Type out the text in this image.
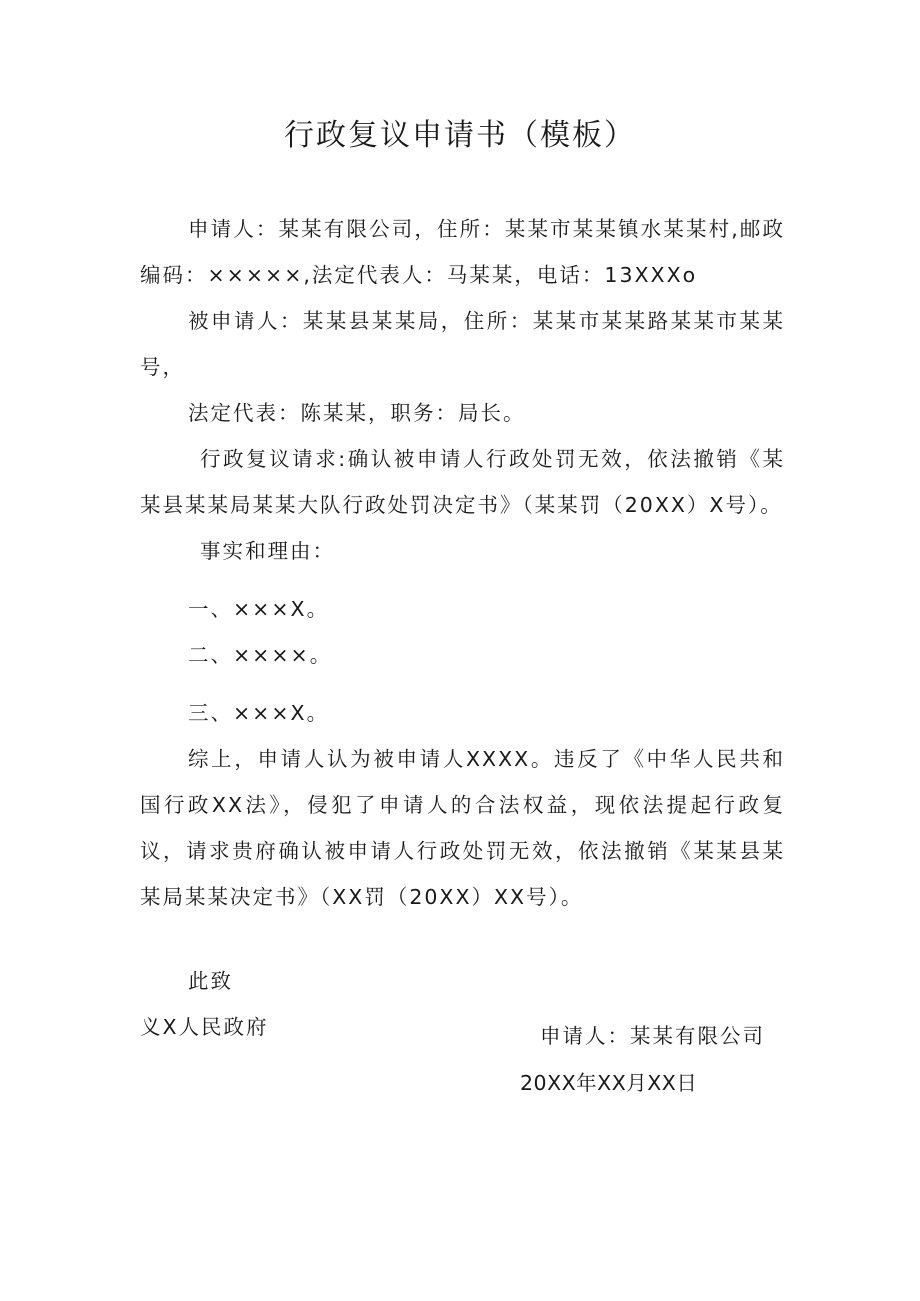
行政复议申请书（模板）

申请人：某某有限公司，住所：某某市某某镇水某某村,邮政编码：×××××,法定代表人：马某某，电话：13XXXo

被申请人：某某县某某局，住所：某某市某某路某某市某某号，

法定代表：陈某某，职务：局长。

行政复议请求:确认被申请人行政处罚无效，依法撤销《某某县某某局某某大队行政处罚决定书》（某某罚（20XX）X号）。

事实和理由：

一、×××X。

二、××××。

三、×××X。

综上，申请人认为被申请人XXXX。违反了《中华人民共和国行政XX法》，侵犯了申请人的合法权益，现依法提起行政复议，请求贵府确认被申请人行政处罚无效，依法撤销《某某县某某局某某决定书》（XX罚（20XX）XX号）。

此致

义X人民政府	申请人：某某有限公司
20XX年XX月XX日
